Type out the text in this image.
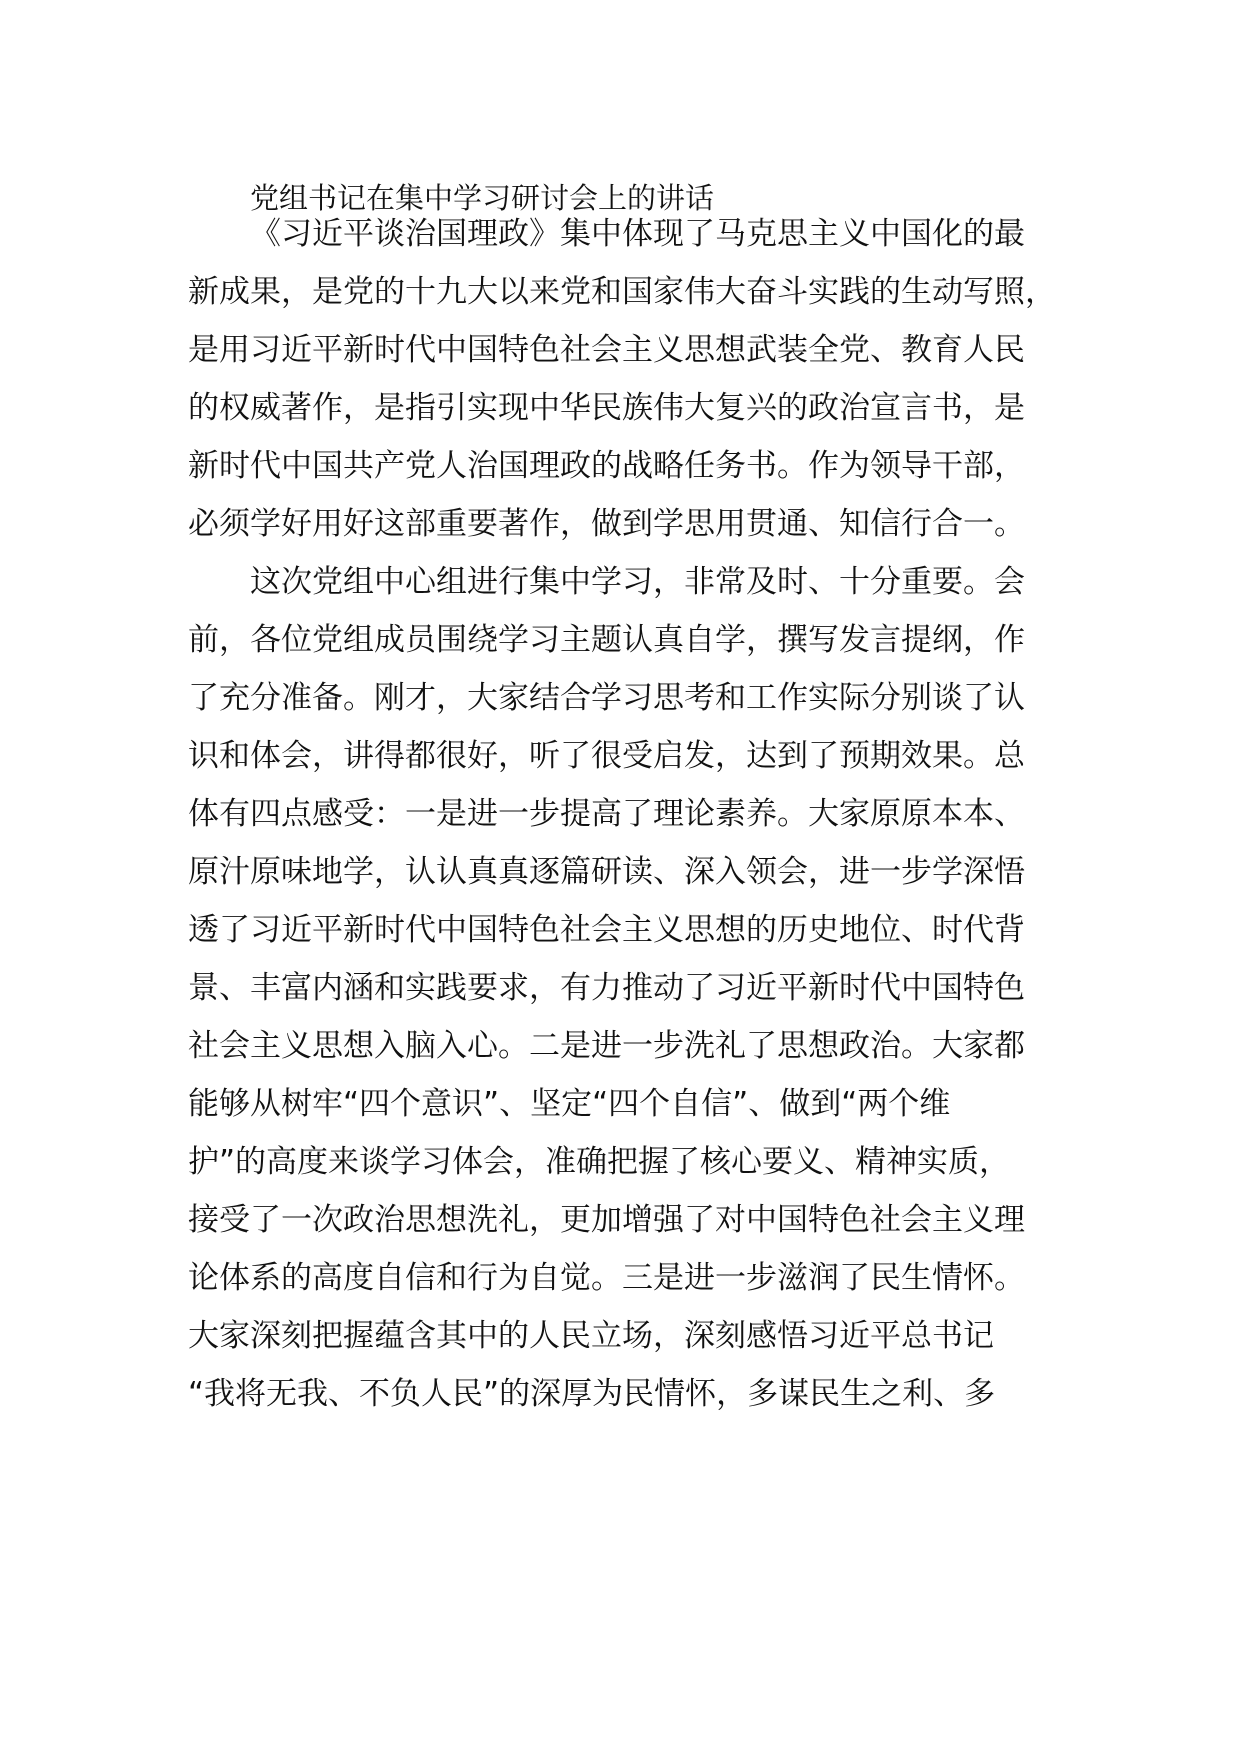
党组书记在集中学习研讨会上的讲话
《习近平谈治国理政》集中体现了马克思主义中国化的最
新成果，是党的十九大以来党和国家伟大奋斗实践的生动写照，
是用习近平新时代中国特色社会主义思想武装全党、教育人民
的权威著作，是指引实现中华民族伟大复兴的政治宣言书，是
新时代中国共产党人治国理政的战略任务书。作为领导干部，
必须学好用好这部重要著作，做到学思用贯通、知信行合一。
这次党组中心组进行集中学习，非常及时、十分重要。会
前，各位党组成员围绕学习主题认真自学，撰写发言提纲，作
了充分准备。刚才，大家结合学习思考和工作实际分别谈了认
识和体会，讲得都很好，听了很受启发，达到了预期效果。总
体有四点感受：一是进一步提高了理论素养。大家原原本本、
原汁原味地学，认认真真逐篇研读、深入领会，进一步学深悟
透了习近平新时代中国特色社会主义思想的历史地位、时代背
景、丰富内涵和实践要求，有力推动了习近平新时代中国特色
社会主义思想入脑入心。二是进一步洗礼了思想政治。大家都
能够从树牢“四个意识”、坚定“四个自信”、做到“两个维
护”的高度来谈学习体会，准确把握了核心要义、精神实质，
接受了一次政治思想洗礼，更加增强了对中国特色社会主义理
论体系的高度自信和行为自觉。三是进一步滋润了民生情怀。
大家深刻把握蕴含其中的人民立场，深刻感悟习近平总书记
“我将无我、不负人民”的深厚为民情怀，多谋民生之利、多
